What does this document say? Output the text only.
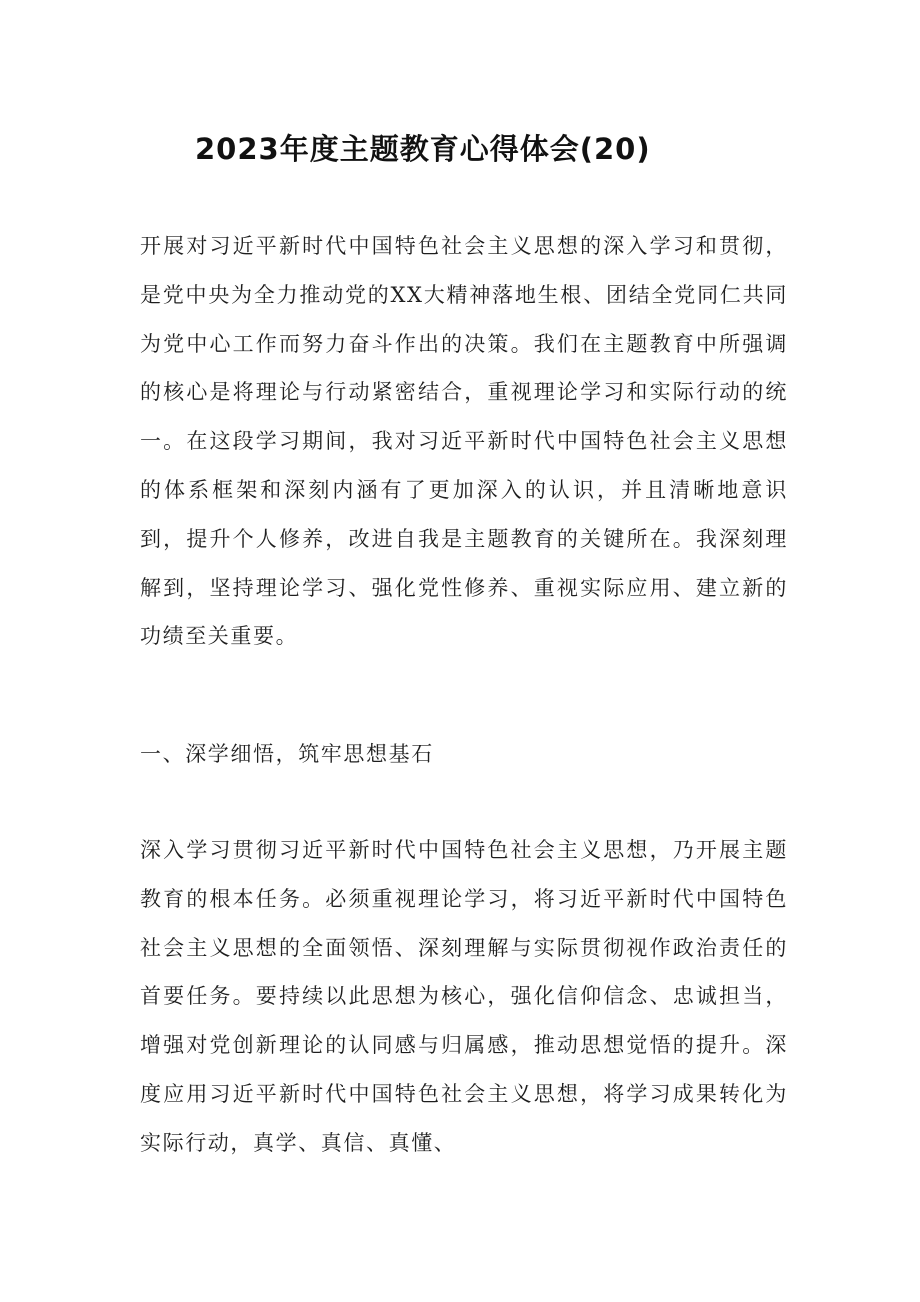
2023年度主题教育心得体会(20)

开展对习近平新时代中国特色社会主义思想的深入学习和贯彻，是党中央为全力推动党的XX大精神落地生根、团结全党同仁共同为党中心工作而努力奋斗作出的决策。我们在主题教育中所强调的核心是将理论与行动紧密结合，重视理论学习和实际行动的统一。在这段学习期间，我对习近平新时代中国特色社会主义思想的体系框架和深刻内涵有了更加深入的认识，并且清晰地意识到，提升个人修养，改进自我是主题教育的关键所在。我深刻理解到，坚持理论学习、强化党性修养、重视实际应用、建立新的功绩至关重要。

一、深学细悟，筑牢思想基石

深入学习贯彻习近平新时代中国特色社会主义思想，乃开展主题教育的根本任务。必须重视理论学习，将习近平新时代中国特色社会主义思想的全面领悟、深刻理解与实际贯彻视作政治责任的首要任务。要持续以此思想为核心，强化信仰信念、忠诚担当，增强对党创新理论的认同感与归属感，推动思想觉悟的提升。深度应用习近平新时代中国特色社会主义思想，将学习成果转化为实际行动，真学、真信、真懂、
